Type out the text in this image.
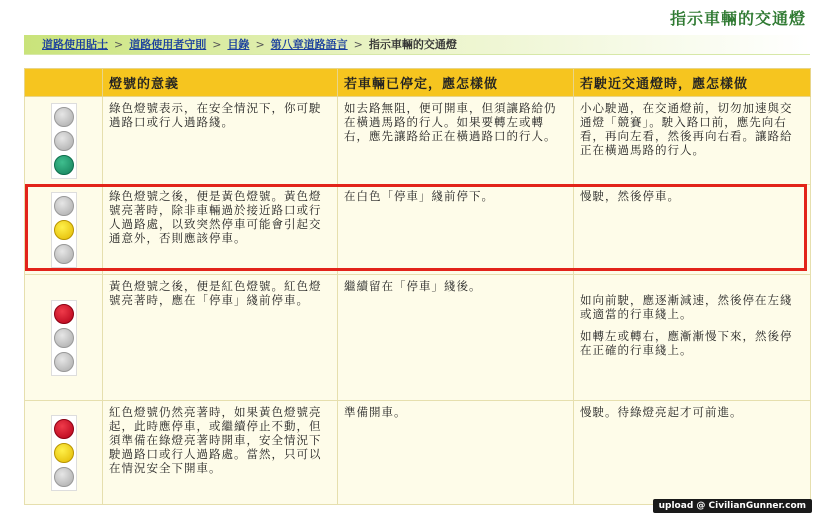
指示車輛的交通燈
道路使用貼士 > 道路使用者守則 > 目錄 > 第八章道路語言 > 指示車輛的交通燈
	燈號的意義	若車輛已停定，應怎樣做	若駛近交通燈時，應怎樣做

	綠色燈號表示，在安全情況下，你可駛過路口或行人過路綫。	如去路無阻，便可開車，但須讓路給仍在橫過馬路的行人。如果要轉左或轉右，應先讓路給正在橫過路口的行人。	小心駛過，在交通燈前，切勿加速與交通燈「競賽」。駛入路口前，應先向右看，再向左看，然後再向右看。讓路給正在橫過馬路的行人。

	綠色燈號之後，便是黃色燈號。黃色燈號亮著時，除非車輛過於接近路口或行人過路處，以致突然停車可能會引起交通意外，否則應該停車。	在白色「停車」綫前停下。	慢駛，然後停車。

	黃色燈號之後，便是紅色燈號。紅色燈號亮著時，應在「停車」綫前停車。	繼續留在「停車」綫後。	如向前駛，應逐漸減速，然後停在左綫或適當的行車綫上。
如轉左或轉右，應漸漸慢下來，然後停在正確的行車綫上。

	紅色燈號仍然亮著時，如果黃色燈號亮起，此時應停車，或繼續停止不動，但須準備在綠燈亮著時開車，安全情況下駛過路口或行人過路處。當然，只可以在情況安全下開車。	準備開車。	慢駛。待綠燈亮起才可前進。
upload @ CivilianGunner.com
